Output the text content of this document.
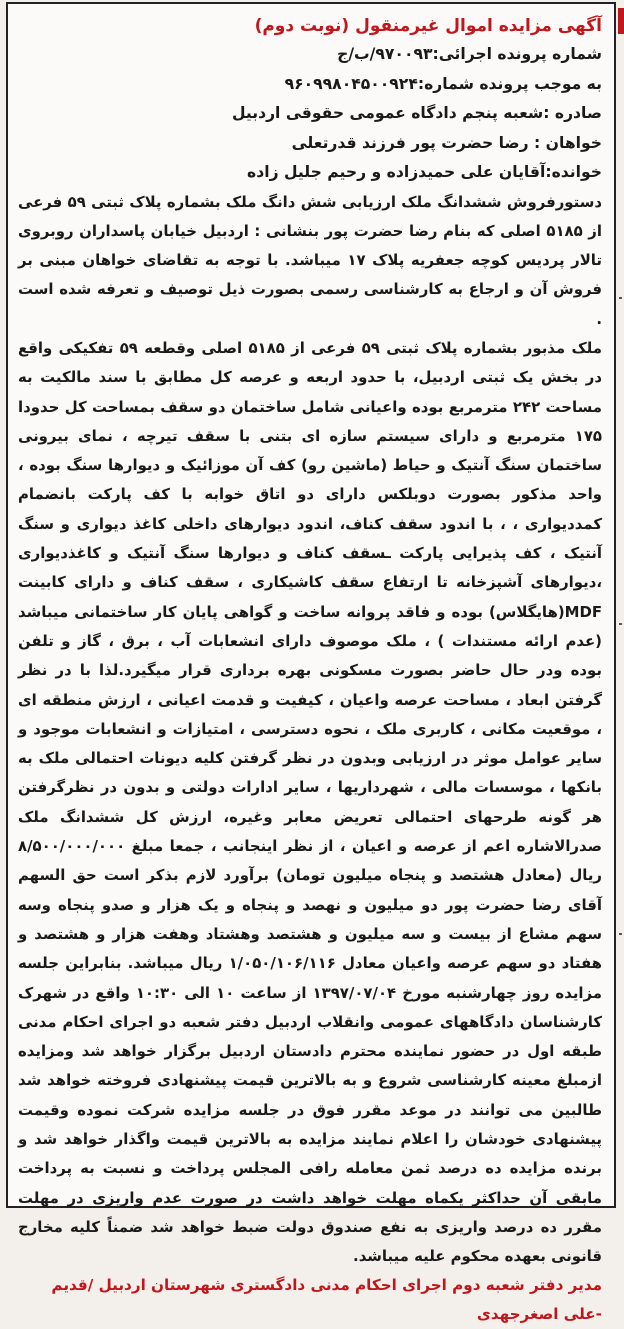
آگهی مزایده اموال غیرمنقول (نوبت دوم)
شماره پرونده اجرائی:۹۷۰۰۹۳/ب/ج
به موجب پرونده شماره:۹۶۰۹۹۸۰۴۵۰۰۹۲۴
صادره :شعبه پنجم دادگاه عمومی حقوقی اردبیل
خواهان : رضا حضرت پور فرزند قدرتعلی
خوانده:آقایان علی حمیدزاده و رحیم جلیل زاده

دستورفروش ششدانگ ملک ارزیابی شش دانگ ملک بشماره پلاک ثبتی ۵۹ فرعی از ۵۱۸۵ اصلی که بنام رضا حضرت پور بنشانی : اردبیل خیابان پاسداران روبروی تالار پردیس کوچه جعفریه پلاک ۱۷ میباشد. با توجه به تقاضای خواهان مبنی بر فروش آن و ارجاع به کارشناسی رسمی بصورت ذیل توصیف و تعرفه شده است .

ملک مذبور بشماره پلاک ثبتی ۵۹ فرعی از ۵۱۸۵ اصلی وقطعه ۵۹ تفکیکی واقع در بخش یک ثبتی اردبیل، با حدود اربعه و عرصه کل مطابق با سند مالکیت به مساحت ۲۴۲ مترمربع بوده واعیانی شامل ساختمان دو سقف بمساحت کل حدودا ۱۷۵ مترمربع و دارای سیستم سازه ای بتنی با سقف تیرچه ، نمای بیرونی ساختمان سنگ آنتیک و حیاط (ماشین رو) کف آن موزائیک و دیوارها سنگ بوده ، واحد مذکور بصورت دوبلکس دارای دو اتاق خوابه با کف پارکت بانضمام کمددیواری ، ، با اندود سقف کناف، اندود دیوارهای داخلی کاغذ دیواری و سنگ آنتیک ، کف پذیرایی پارکت ـسقف کناف و دیوارها سنگ آنتیک و کاغذدیواری ،دیوارهای آشپزخانه تا ارتفاع سقف کاشیکاری ، سقف کناف و دارای کابینت MDF(هایگلاس) بوده و فاقد پروانه ساخت و گواهی پایان کار ساختمانی میباشد (عدم ارائه مستندات ) ، ملک موصوف دارای انشعابات آب ، برق ، گاز و تلفن بوده ودر حال حاضر بصورت مسکونی بهره برداری قرار میگیرد.لذا با در نظر گرفتن ابعاد ، مساحت عرصه واعیان ، کیفیت و قدمت اعیانی ، ارزش منطقه ای ، موقعیت مکانی ، کاربری ملک ، نحوه دسترسی ، امتیازات و انشعابات موجود و سایر عوامل موثر در ارزیابی وبدون در نظر گرفتن کلیه دیونات احتمالی ملک به بانکها ، موسسات مالی ، شهرداریها ، سایر ادارات دولتی و بدون در نظرگرفتن هر گونه طرحهای احتمالی تعریض معابر وغیره، ارزش کل ششدانگ ملک صدرالاشاره اعم از عرصه و اعیان ، از نظر اینجانب ، جمعا مبلغ ۸/۵۰۰/۰۰۰/۰۰۰ ریال (معادل هشتصد و پنجاه میلیون تومان) برآورد لازم بذکر است حق السهم آقای رضا حضرت پور دو میلیون و نهصد و پنجاه و یک هزار و صدو پنجاه وسه سهم مشاع از بیست و سه میلیون و هشتصد وهشتاد وهفت هزار و هشتصد و هفتاد دو سهم عرصه واعیان معادل ۱/۰۵۰/۱۰۶/۱۱۶ ریال میباشد. بنابراین جلسه مزایده روز چهارشنبه مورخ ۱۳۹۷/۰۷/۰۴ از ساعت ۱۰ الی ۱۰:۳۰ واقع در شهرک کارشناسان دادگاههای عمومی وانقلاب اردبیل دفتر شعبه دو اجرای احکام مدنی طبقه اول در حضور نماینده محترم دادستان اردبیل برگزار خواهد شد ومزایده ازمبلغ معینه کارشناسی شروع و به بالاترین قیمت پیشنهادی فروخته خواهد شد طالبین می توانند در موعد مقرر فوق در جلسه مزایده شرکت نموده وقیمت پیشنهادی خودشان را اعلام نمایند مزایده به بالاترین قیمت واگذار خواهد شد و برنده مزایده ده درصد ثمن معامله رافی المجلس پرداخت و نسبت به پرداخت مابقی آن حداکثر یکماه مهلت خواهد داشت در صورت عدم واریزی در مهلت مقرر ده درصد واریزی به نفع صندوق دولت ضبط خواهد شد ضمناً کلیه مخارج قانونی بعهده محکوم علیه میباشد.

مدیر دفتر شعبه دوم اجرای احکام مدنی دادگستری شهرستان اردبیل /قدیم -علی اصغرجهدی
